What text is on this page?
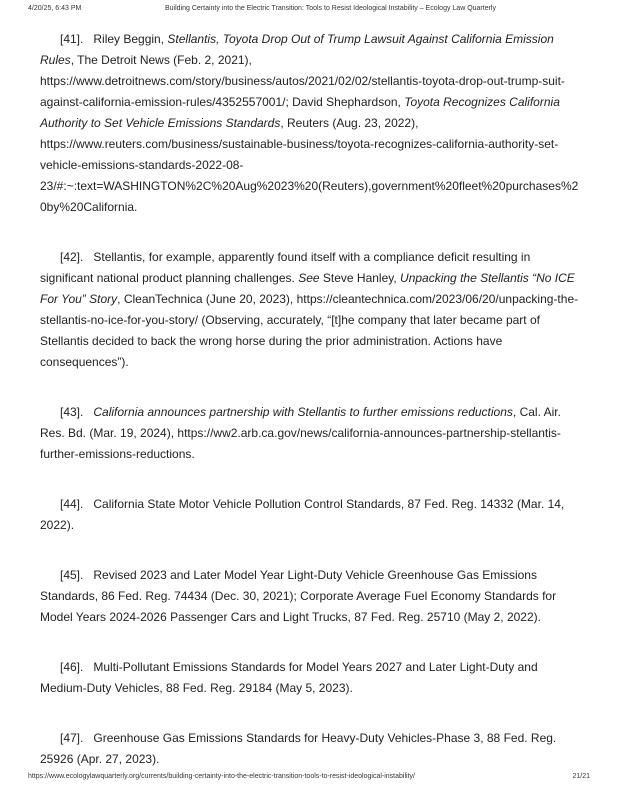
4/20/25, 6:43 PM	Building Certainty into the Electric Transition: Tools to Resist Ideological Instability – Ecology Law Quarterly

[41]. Riley Beggin, Stellantis, Toyota Drop Out of Trump Lawsuit Against California Emission Rules, The Detroit News (Feb. 2, 2021), https://www.detroitnews.com/story/business/autos/2021/02/02/stellantis-toyota-drop-out-trump-suit-against-california-emission-rules/4352557001/; David Shephardson, Toyota Recognizes California Authority to Set Vehicle Emissions Standards, Reuters (Aug. 23, 2022), https://www.reuters.com/business/sustainable-business/toyota-recognizes-california-authority-set-vehicle-emissions-standards-2022-08-23/#:~:text=WASHINGTON%2C%20Aug%2023%20(Reuters),government%20fleet%20purchases%20by%20California.

[42]. Stellantis, for example, apparently found itself with a compliance deficit resulting in significant national product planning challenges. See Steve Hanley, Unpacking the Stellantis “No ICE For You” Story, CleanTechnica (June 20, 2023), https://cleantechnica.com/2023/06/20/unpacking-the-stellantis-no-ice-for-you-story/ (Observing, accurately, “[t]he company that later became part of Stellantis decided to back the wrong horse during the prior administration. Actions have consequences”).

[43]. California announces partnership with Stellantis to further emissions reductions, Cal. Air. Res. Bd. (Mar. 19, 2024), https://ww2.arb.ca.gov/news/california-announces-partnership-stellantis-further-emissions-reductions.

[44]. California State Motor Vehicle Pollution Control Standards, 87 Fed. Reg. 14332 (Mar. 14, 2022).

[45]. Revised 2023 and Later Model Year Light-Duty Vehicle Greenhouse Gas Emissions Standards, 86 Fed. Reg. 74434 (Dec. 30, 2021); Corporate Average Fuel Economy Standards for Model Years 2024-2026 Passenger Cars and Light Trucks, 87 Fed. Reg. 25710 (May 2, 2022).

[46]. Multi-Pollutant Emissions Standards for Model Years 2027 and Later Light-Duty and Medium-Duty Vehicles, 88 Fed. Reg. 29184 (May 5, 2023).

[47]. Greenhouse Gas Emissions Standards for Heavy-Duty Vehicles-Phase 3, 88 Fed. Reg. 25926 (Apr. 27, 2023).

https://www.ecologylawquarterly.org/currents/building-certainty-into-the-electric-transition-tools-to-resist-ideological-instability/	21/21
